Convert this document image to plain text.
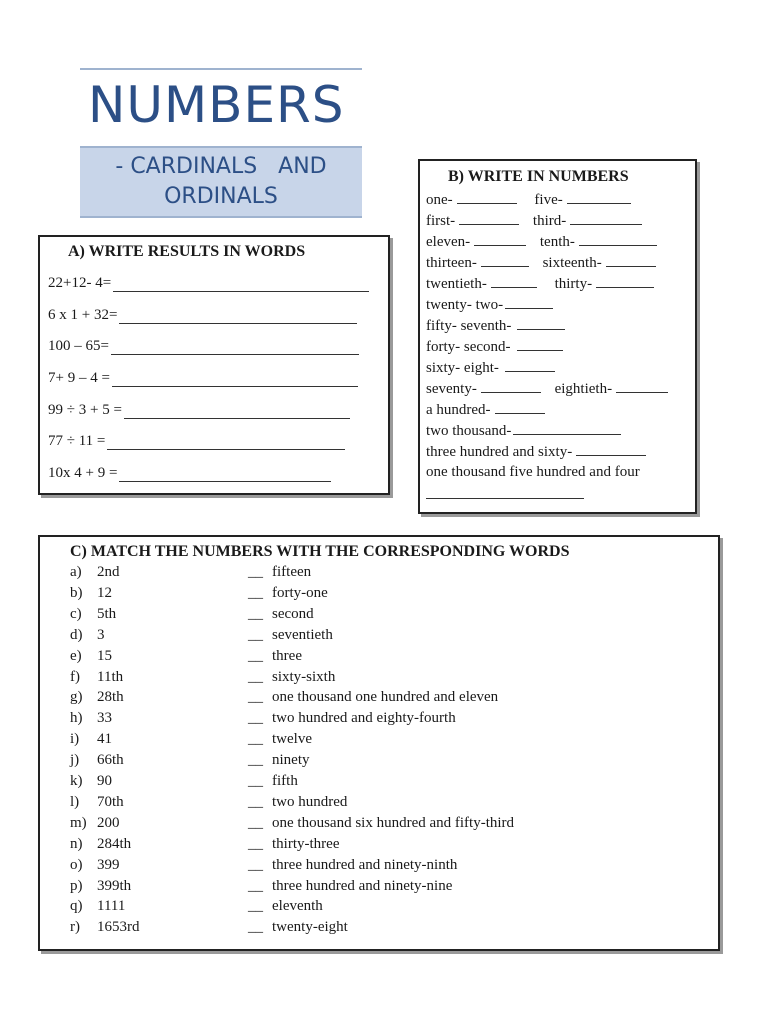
NUMBERS
- CARDINALS   AND
ORDINALS
A) WRITE RESULTS IN WORDS
22+12- 4=
6 x 1 + 32=
100 – 65=
7+ 9 – 4 =
99 ÷ 3 + 5 =
77 ÷ 11 =
10x 4 + 9 =
B) WRITE IN NUMBERS
one-	five-
first-	third-
eleven-	tenth-
thirteen-	sixteenth-
twentieth-	thirty-
twenty- two-
fifty- seventh-
forty- second-
sixty- eight-
seventy-	eightieth-
a hundred-
two thousand-
three hundred and sixty-
one thousand five hundred and four
C) MATCH THE NUMBERS WITH THE CORRESPONDING WORDS
a) 2nd	__ fifteen
b) 12	__ forty-one
c) 5th	__ second
d) 3	__ seventieth
e) 15	__ three
f) 11th	__ sixty-sixth
g) 28th	__ one thousand one hundred and eleven
h) 33	__ two hundred and eighty-fourth
i) 41	__ twelve
j) 66th	__ ninety
k) 90	__ fifth
l) 70th	__ two hundred
m) 200	__ one thousand six hundred and fifty-third
n) 284th	__ thirty-three
o) 399	__ three hundred and ninety-ninth
p) 399th	__ three hundred and ninety-nine
q) 1111	__ eleventh
r) 1653rd	__ twenty-eight
